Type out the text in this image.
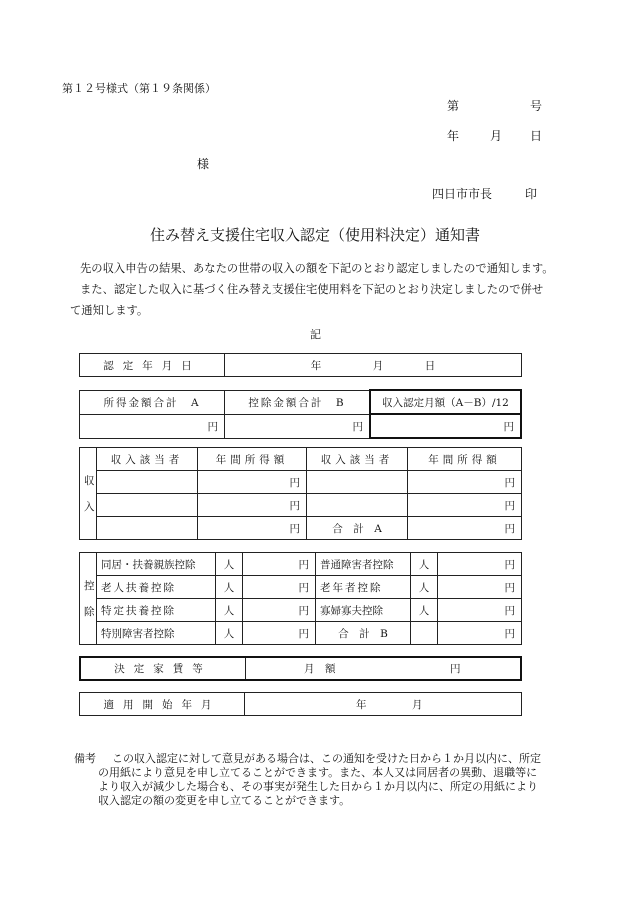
第１２号様式（第１９条関係）
第	号
年	月 日
様
四日市市長	印
住み替え支援住宅収入認定（使用料決定）通知書
先の収入申告の結果、あなたの世帯の収入の額を下記のとおり認定しましたので通知します。
また、認定した収入に基づく住み替え支援住宅使用料を下記のとおり決定しましたので併せ
て通知します。
記
認定年月日	年	月	日
所得金額合計　A	控除金額合計　B	収入認定月額（A－B）/12
円	円	円
収
入	収入該当者	年間所得額	収入該当者	年間所得額
		円		円
		円		円
		円	合　計　A	円
控
除	同居・扶養親族控除	人	円	普通障害者控除	人	円
	老人扶養控除	人	円	老年者控除	人	円
	特定扶養控除	人	円	寡婦寡夫控除	人	円
	特別障害者控除	人	円	合　計　B		円
決定家賃等	月　額	円
適用開始年月	年	月
備考 この収入認定に対して意見がある場合は、この通知を受けた日から１か月以内に、所定
の用紙により意見を申し立てることができます。また、本人又は同居者の異動、退職等に
より収入が減少した場合も、その事実が発生した日から１か月以内に、所定の用紙により
収入認定の額の変更を申し立てることができます。
